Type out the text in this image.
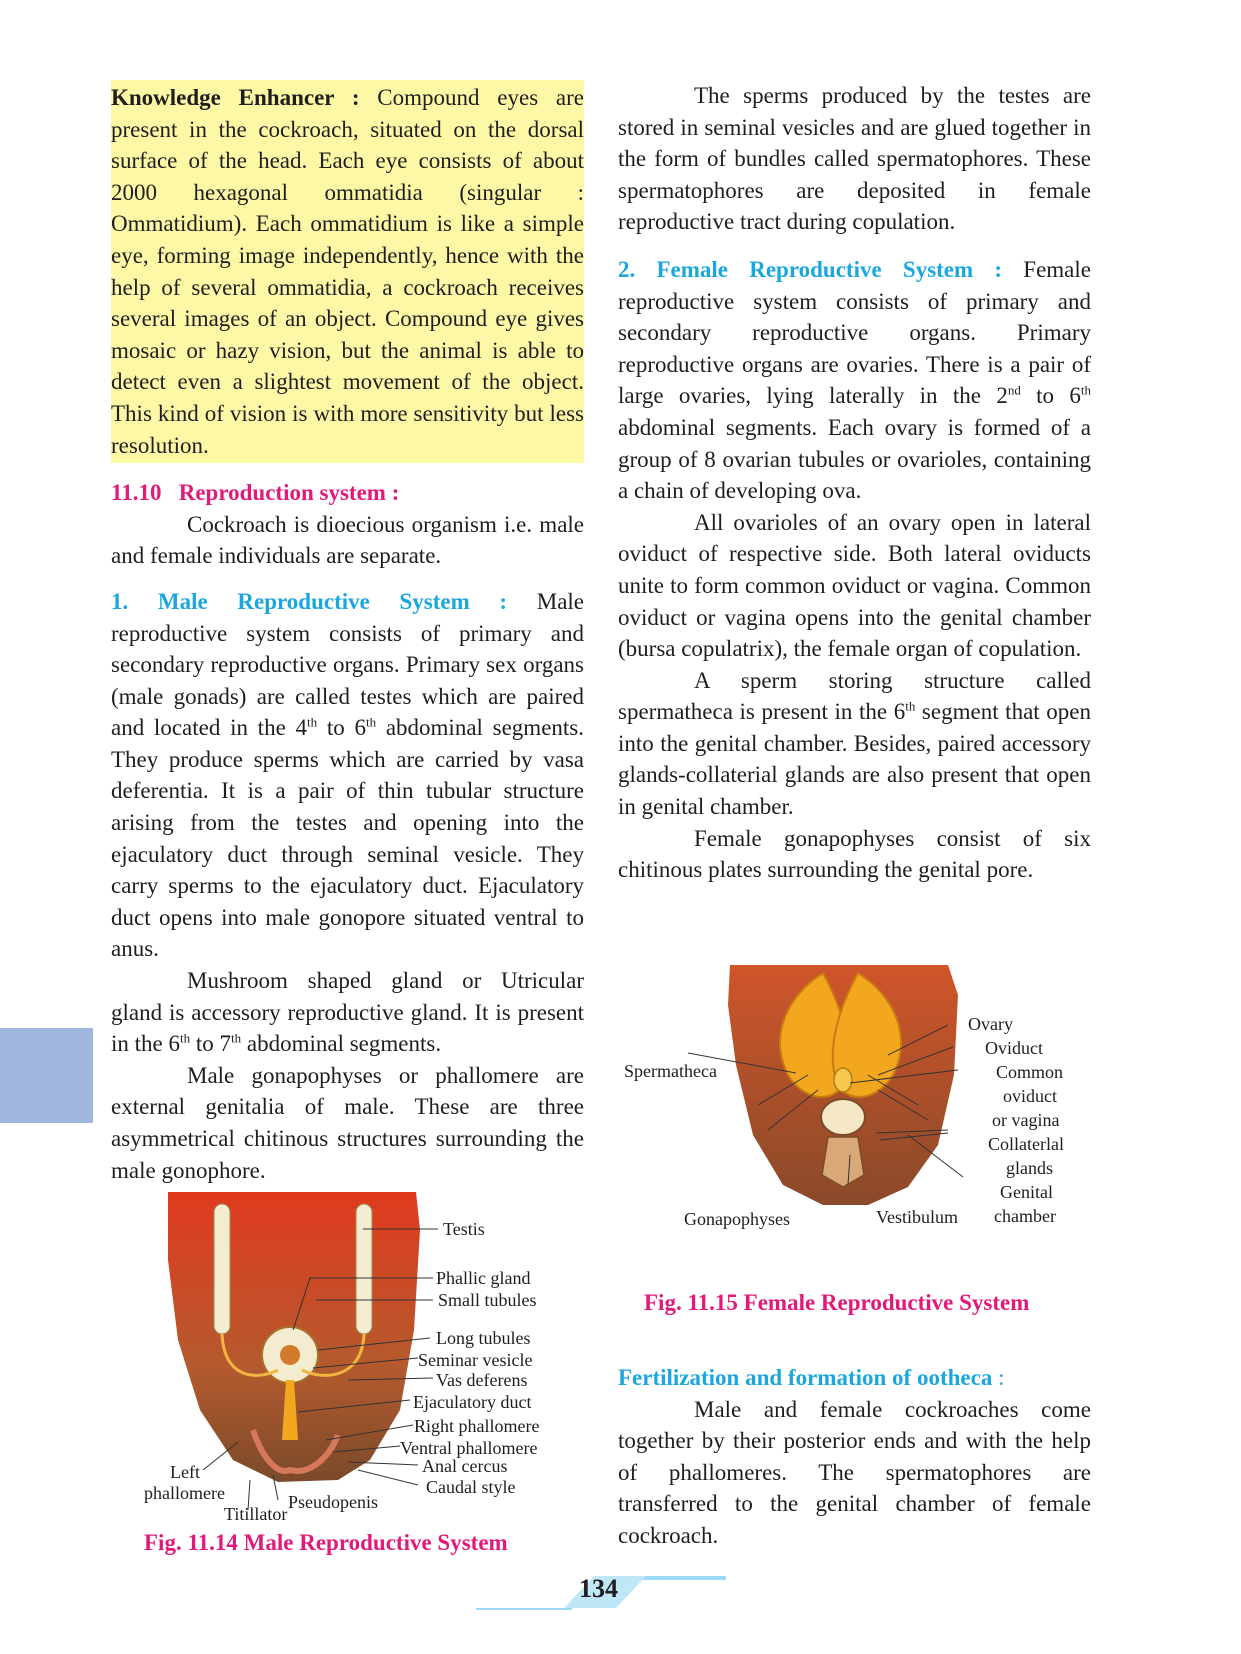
Knowledge Enhancer : Compound eyes are present in the cockroach, situated on the dorsal surface of the head. Each eye consists of about 2000 hexagonal ommatidia (singular : Ommatidium). Each ommatidium is like a simple eye, forming image independently, hence with the help of several ommatidia, a cockroach receives several images of an object. Compound eye gives mosaic or hazy vision, but the animal is able to detect even a slightest movement of the object. This kind of vision is with more sensitivity but less resolution.

11.10   Reproduction system :

Cockroach is dioecious organism i.e. male and female individuals are separate.

1. Male Reproductive System : Male reproductive system consists of primary and secondary reproductive organs. Primary sex organs (male gonads) are called testes which are paired and located in the 4th to 6th abdominal segments. They produce sperms which are carried by vasa deferentia. It is a pair of thin tubular structure arising from the testes and opening into the ejaculatory duct through seminal vesicle. They carry sperms to the ejaculatory duct. Ejaculatory duct opens into male gonopore situated ventral to anus.

Mushroom shaped gland or Utricular gland is accessory reproductive gland. It is present in the 6th to 7th abdominal segments.

Male gonapophyses or phallomere are external genitalia of male. These are three asymmetrical chitinous structures surrounding the male gonophore.

The sperms produced by the testes are stored in seminal vesicles and are glued together in the form of bundles called spermatophores. These spermatophores are deposited in female reproductive tract during copulation.

2. Female Reproductive System : Female reproductive system consists of primary and secondary reproductive organs. Primary reproductive organs are ovaries. There is a pair of large ovaries, lying laterally in the 2nd to 6th abdominal segments. Each ovary is formed of a group of 8 ovarian tubules or ovarioles, containing a chain of developing ova.

All ovarioles of an ovary open in lateral oviduct of respective side. Both lateral oviducts unite to form common oviduct or vagina. Common oviduct or vagina opens into the genital chamber (bursa copulatrix), the female organ of copulation.

A sperm storing structure called spermatheca is present in the 6th segment that open into the genital chamber. Besides, paired accessory glands-collaterial glands are also present that open in genital chamber.

Female gonapophyses consist of six chitinous plates surrounding the genital pore.

Ovary
Oviduct
Common
oviduct
or vagina
Collaterlal
glands
Genital
chamber
Spermatheca
Gonapophyses	Vestibulum
Fig. 11.15 Female Reproductive System

Fertilization and formation of ootheca :

Male and female cockroaches come together by their posterior ends and with the help of phallomeres. The spermatophores are transferred to the genital chamber of female cockroach.

Testis
Phallic gland
Small tubules
Long tubules
Seminar vesicle
Vas deferens
Ejaculatory duct
Right phallomere
Ventral phallomere
Anal cercus
Caudal style
Left
phallomere	Pseudopenis
Titillator
Fig. 11.14 Male Reproductive System
134
